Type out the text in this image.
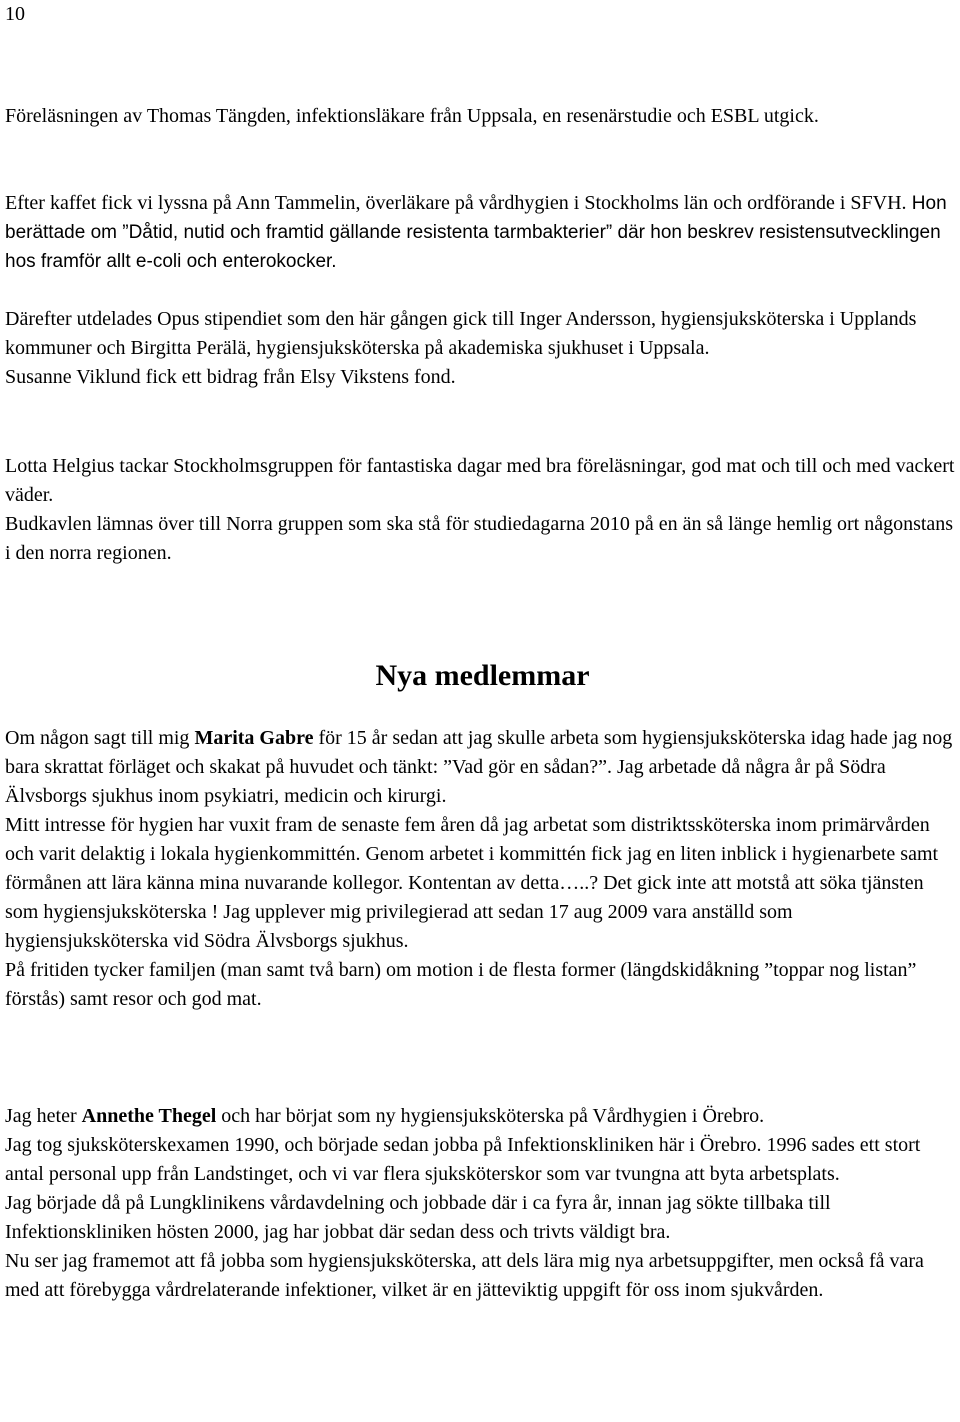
10

Föreläsningen av Thomas Tängden, infektionsläkare från Uppsala, en resenärstudie och ESBL utgick.

Efter kaffet fick vi lyssna på Ann Tammelin, överläkare på vårdhygien i Stockholms län och ordförande i SFVH. Hon berättade om ”Dåtid, nutid och framtid gällande resistenta tarmbakterier” där hon beskrev resistensutvecklingen hos framför allt e-coli och enterokocker.

Därefter utdelades Opus stipendiet som den här gången gick till Inger Andersson, hygiensjuksköterska i Upplands kommuner och Birgitta Perälä, hygiensjuksköterska på akademiska sjukhuset i Uppsala.

Susanne Viklund fick ett bidrag från Elsy Vikstens fond.

Lotta Helgius tackar Stockholmsgruppen för fantastiska dagar med bra föreläsningar, god mat och till och med vackert väder.

Budkavlen lämnas över till Norra gruppen som ska stå för studiedagarna 2010 på en än så länge hemlig ort någonstans i den norra regionen.

Nya medlemmar

Om någon sagt till mig Marita Gabre för 15 år sedan att jag skulle arbeta som hygiensjuksköterska idag hade jag nog bara skrattat förläget och skakat på huvudet och tänkt: ”Vad gör en sådan?”. Jag arbetade då några år på Södra Älvsborgs sjukhus inom psykiatri, medicin och kirurgi.

Mitt intresse för hygien har vuxit fram de senaste fem åren då jag arbetat som distriktssköterska inom primärvården och varit delaktig i lokala hygienkommittén. Genom arbetet i kommittén fick jag en liten inblick i hygienarbete samt förmånen att lära känna mina nuvarande kollegor. Kontentan av detta…..? Det gick inte att motstå att söka tjänsten som hygiensjuksköterska ! Jag upplever mig privilegierad att sedan 17 aug 2009 vara anställd som hygiensjuksköterska vid Södra Älvsborgs sjukhus.

På fritiden tycker familjen (man samt två barn) om motion i de flesta former (längdskidåkning ”toppar nog listan” förstås) samt resor och god mat.

Jag heter Annethe Thegel och har börjat som ny hygiensjuksköterska på Vårdhygien i Örebro.

Jag tog sjuksköterskexamen 1990, och började sedan jobba på Infektionskliniken här i Örebro. 1996 sades ett stort antal personal upp från Landstinget, och vi var flera sjuksköterskor som var tvungna att byta arbetsplats.

Jag började då på Lungklinikens vårdavdelning och jobbade där i ca fyra år, innan jag sökte tillbaka till Infektionskliniken hösten 2000, jag har jobbat där sedan dess och trivts väldigt bra.

Nu ser jag framemot att få jobba som hygiensjuksköterska, att dels lära mig nya arbetsuppgifter, men också få vara med att förebygga vårdrelaterande infektioner, vilket är en jätteviktig uppgift för oss inom sjukvården.
